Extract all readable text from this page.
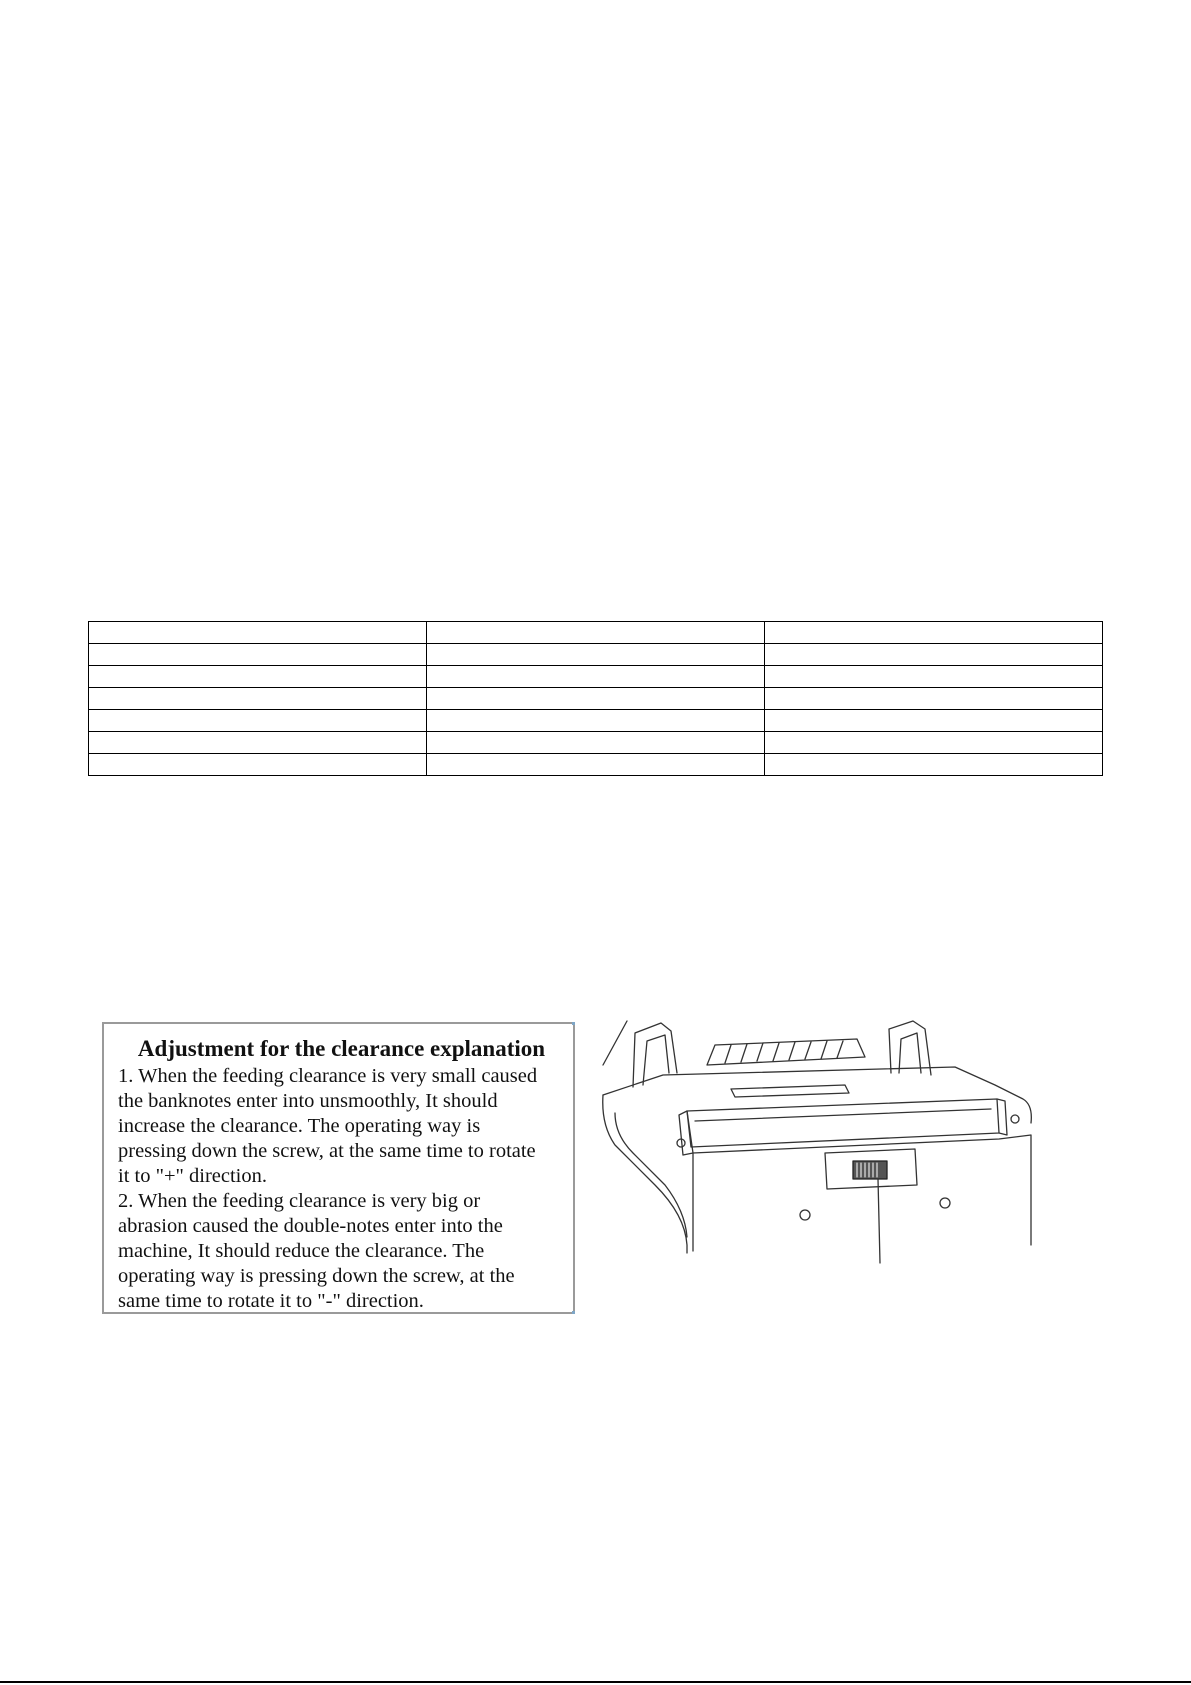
Adjustment for the clearance explanation
1. When the feeding clearance is very small caused
the banknotes enter into unsmoothly, It should
increase the clearance. The operating way is
pressing down the screw, at the same time to rotate
it to "+" direction.
2. When the feeding clearance is very big or
abrasion caused the double-notes enter into the
machine, It should reduce the clearance. The
operating way is pressing down the screw, at the
same time to rotate it to "-" direction.
